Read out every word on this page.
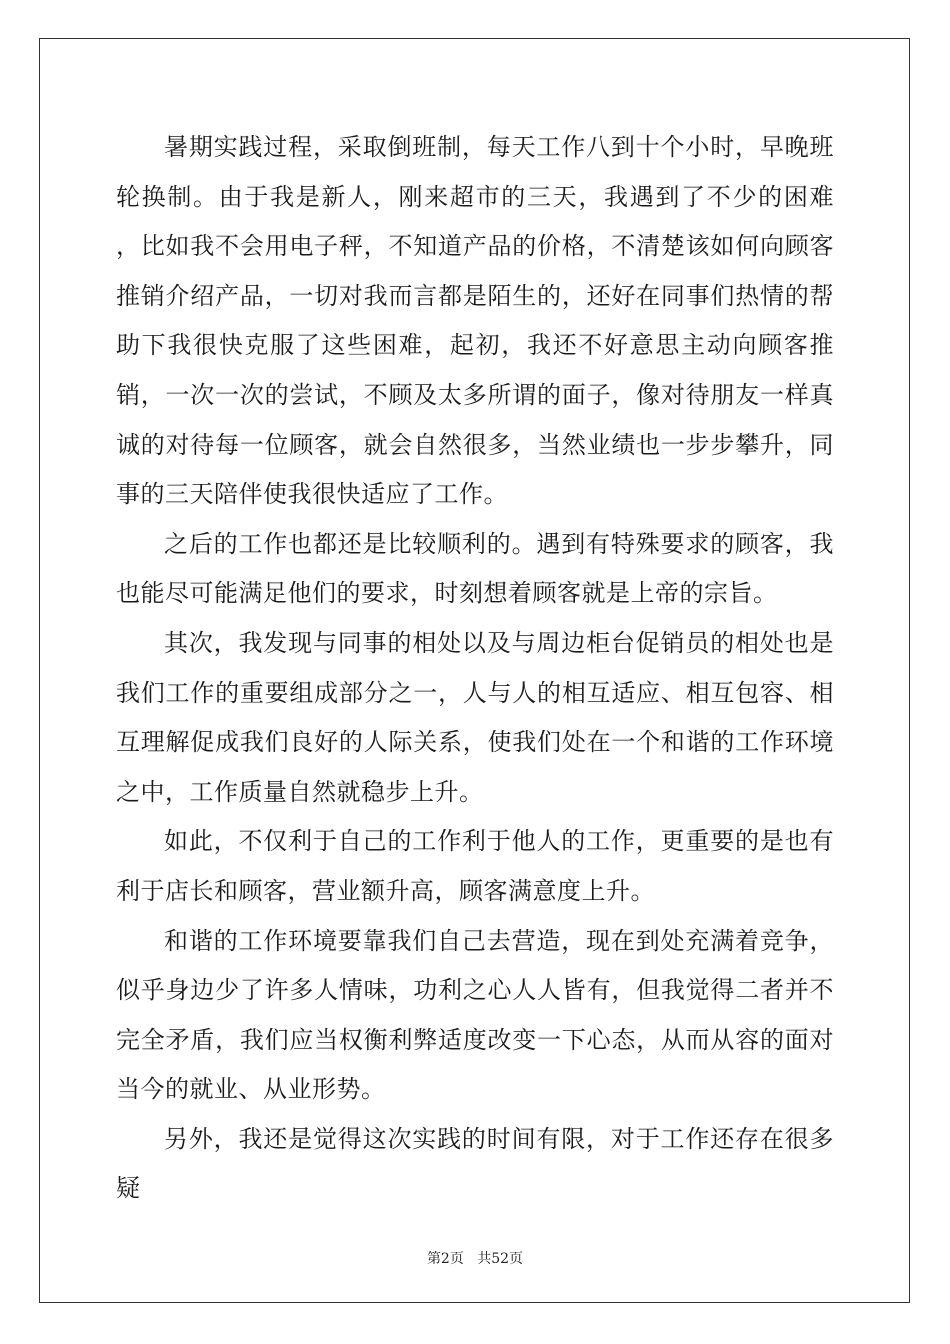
暑期实践过程，采取倒班制，每天工作八到十个小时，早晚班轮换制。由于我是新人，刚来超市的三天，我遇到了不少的困难 ，比如我不会用电子秤，不知道产品的价格，不清楚该如何向顾客推销介绍产品，一切对我而言都是陌生的，还好在同事们热情的帮助下我很快克服了这些困难，起初，我还不好意思主动向顾客推销，一次一次的尝试，不顾及太多所谓的面子，像对待朋友一样真诚的对待每一位顾客，就会自然很多，当然业绩也一步步攀升，同事的三天陪伴使我很快适应了工作。

之后的工作也都还是比较顺利的。遇到有特殊要求的顾客，我也能尽可能满足他们的要求，时刻想着顾客就是上帝的宗旨。

其次，我发现与同事的相处以及与周边柜台促销员的相处也是我们工作的重要组成部分之一，人与人的相互适应、相互包容、相互理解促成我们良好的人际关系，使我们处在一个和谐的工作环境之中，工作质量自然就稳步上升。

如此，不仅利于自己的工作利于他人的工作，更重要的是也有利于店长和顾客，营业额升高，顾客满意度上升。

和谐的工作环境要靠我们自己去营造，现在到处充满着竞争，似乎身边少了许多人情味，功利之心人人皆有，但我觉得二者并不完全矛盾，我们应当权衡利弊适度改变一下心态，从而从容的面对当今的就业、从业形势。

另外，我还是觉得这次实践的时间有限，对于工作还存在很多疑

第2页 共52页
